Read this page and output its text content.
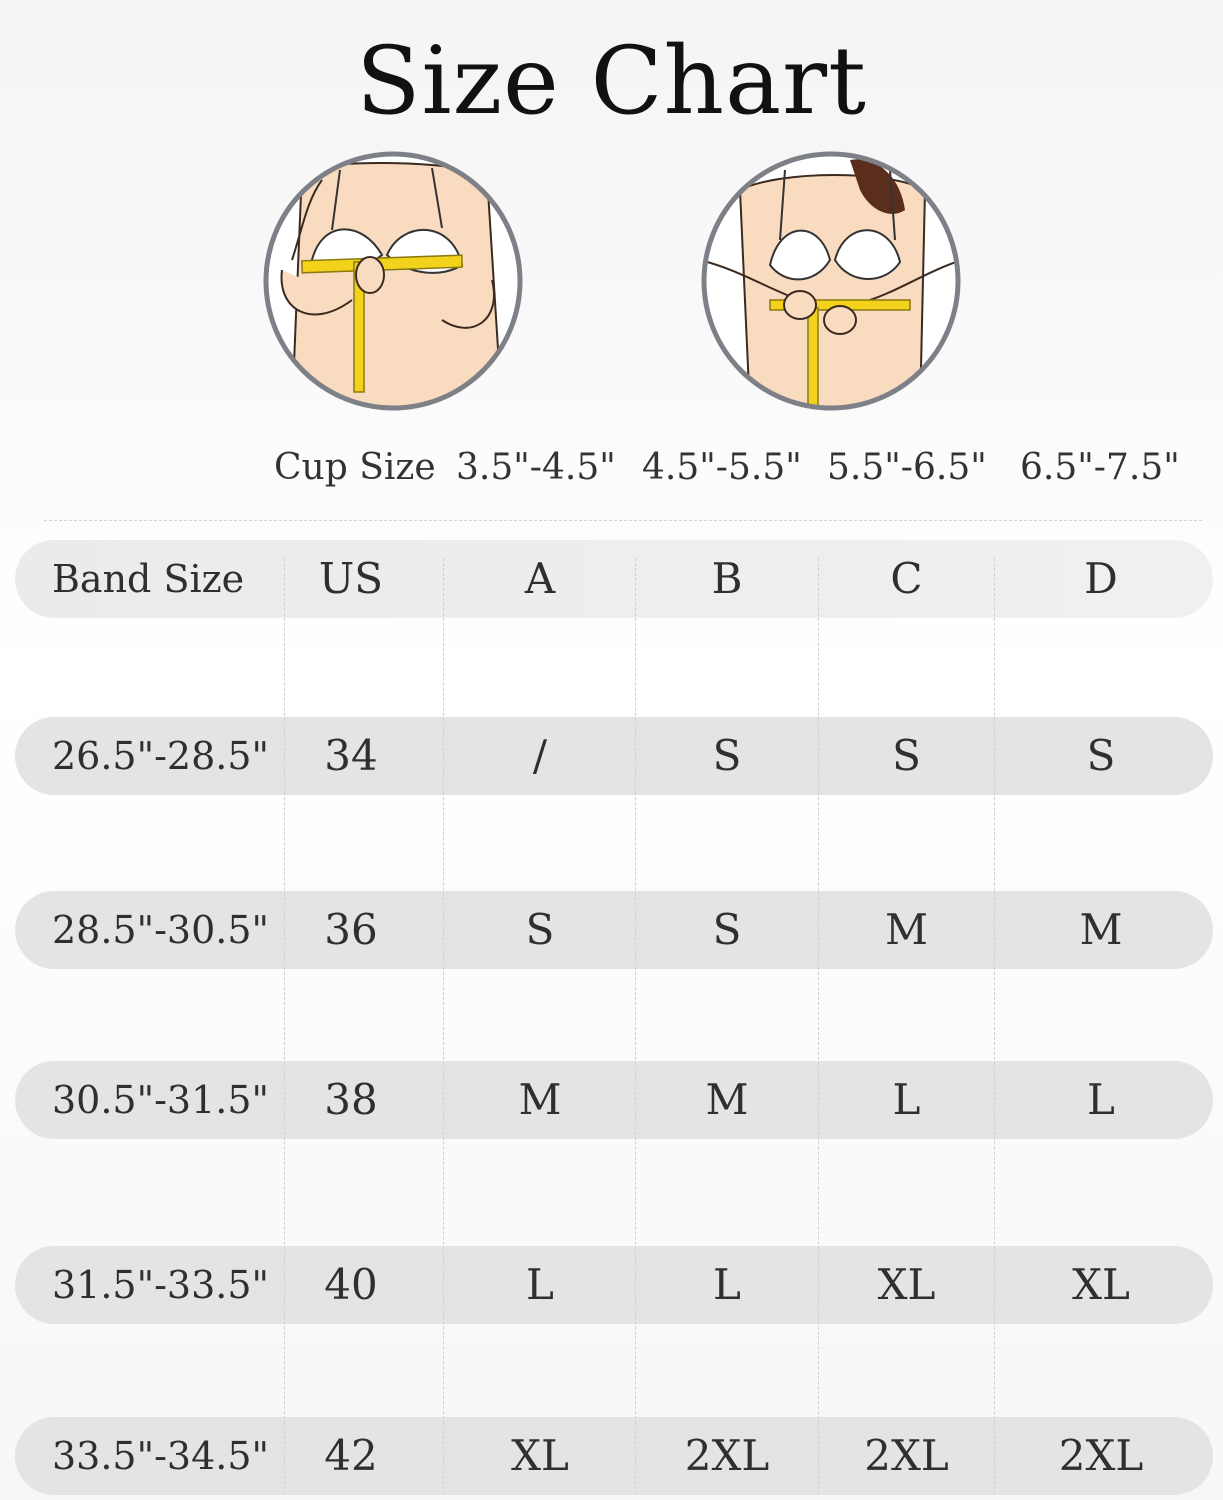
Size Chart
Cup Size 3.5"-4.5" 4.5"-5.5" 5.5"-6.5" 6.5"-7.5"
Band Size	US	A	B	C	D
26.5"-28.5"	34	/	S	S	S
28.5"-30.5"	36	S	S	M	M
30.5"-31.5"	38	M	M	L	L
31.5"-33.5"	40	L	L	XL	XL
33.5"-34.5"	42	XL	2XL	2XL	2XL
